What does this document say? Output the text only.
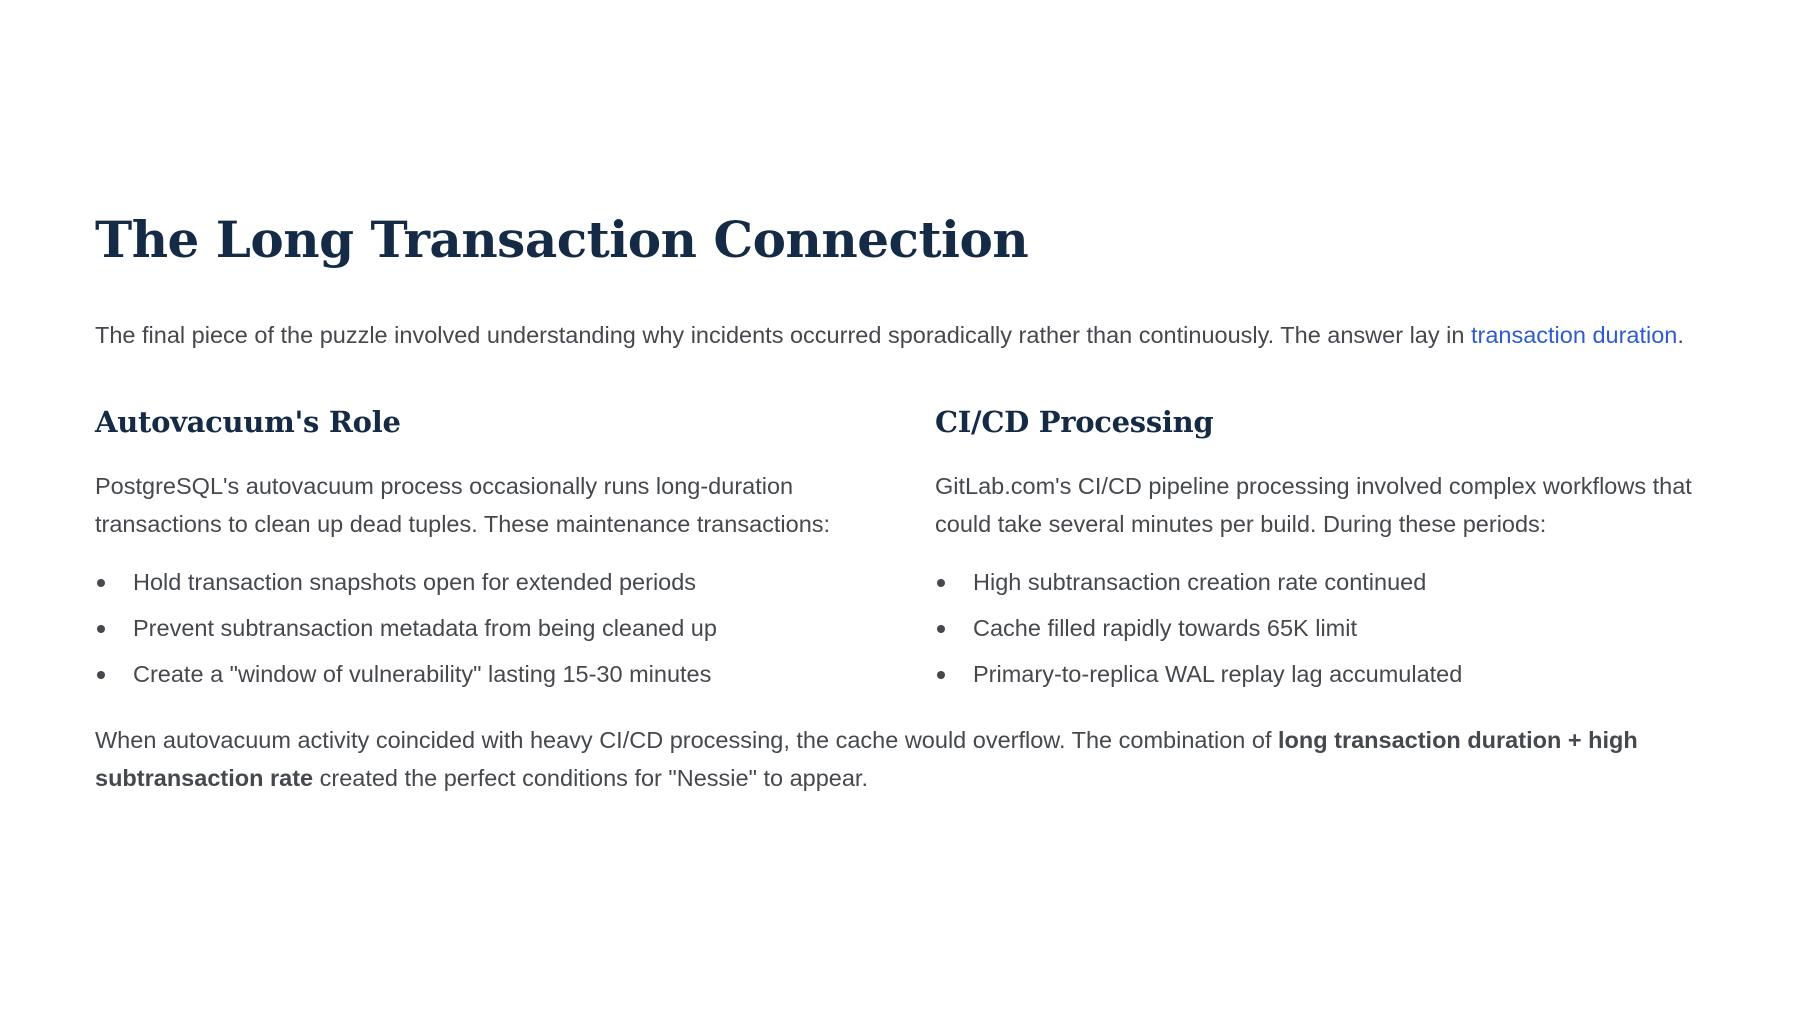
The Long Transaction Connection

The final piece of the puzzle involved understanding why incidents occurred sporadically rather than continuously. The answer lay in transaction duration.

Autovacuum's Role

PostgreSQL's autovacuum process occasionally runs long-duration transactions to clean up dead tuples. These maintenance transactions:

Hold transaction snapshots open for extended periods
Prevent subtransaction metadata from being cleaned up
Create a "window of vulnerability" lasting 15-30 minutes
CI/CD Processing

GitLab.com's CI/CD pipeline processing involved complex workflows that could take several minutes per build. During these periods:

High subtransaction creation rate continued
Cache filled rapidly towards 65K limit
Primary-to-replica WAL replay lag accumulated

When autovacuum activity coincided with heavy CI/CD processing, the cache would overflow. The combination of long transaction duration + high subtransaction rate created the perfect conditions for "Nessie" to appear.
